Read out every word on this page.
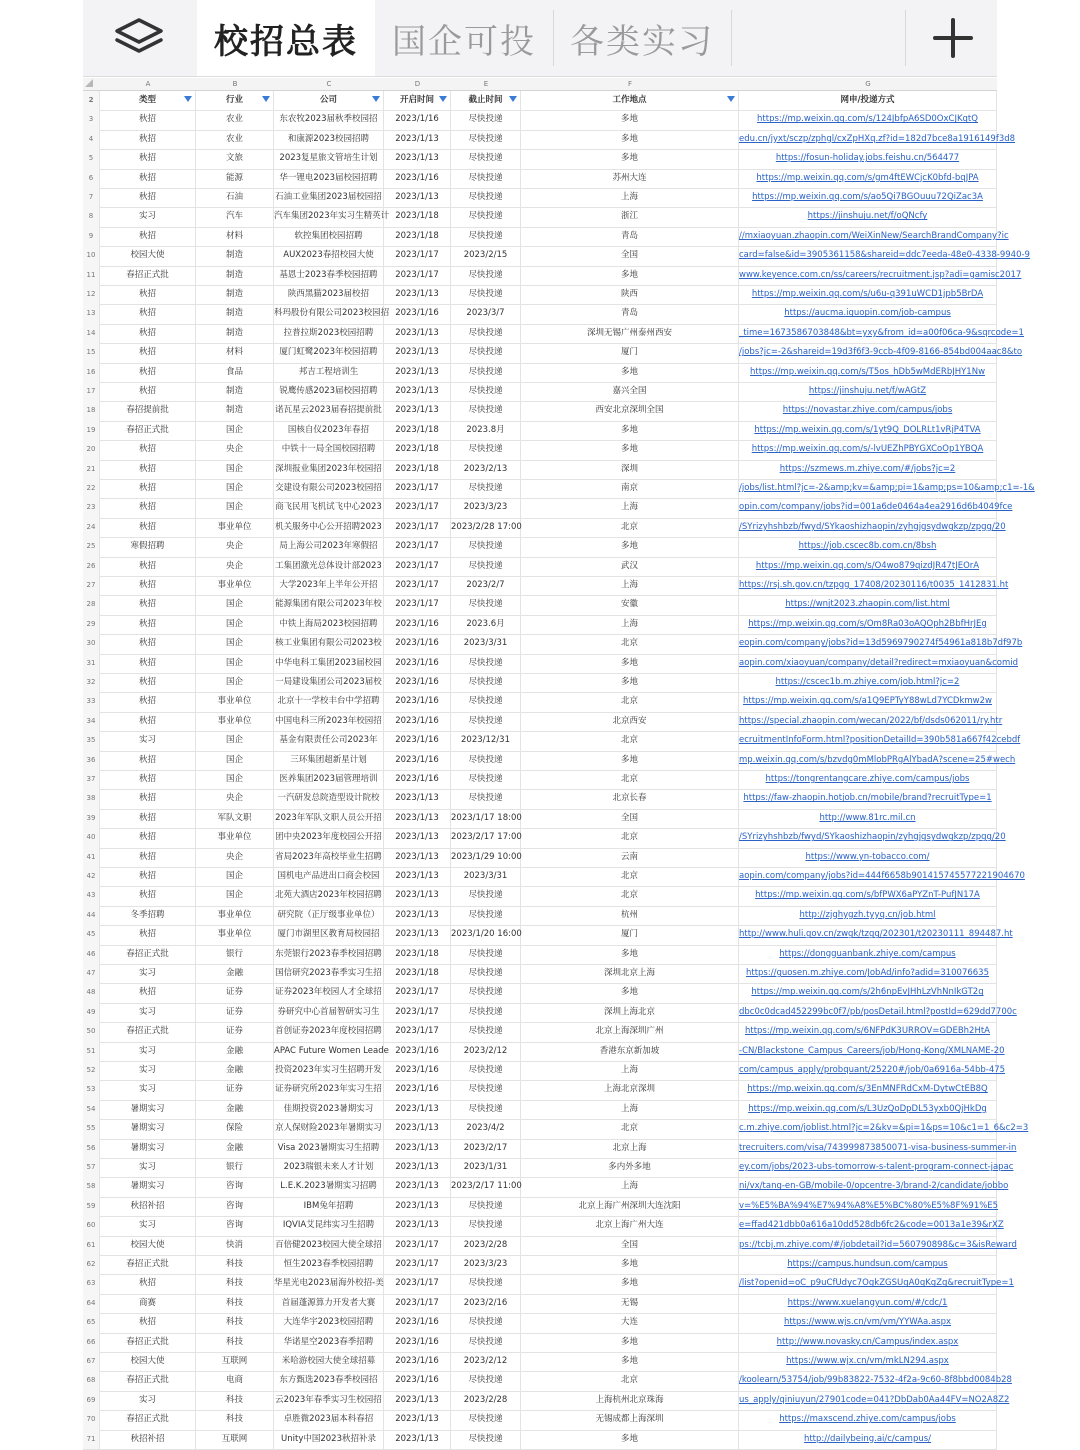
校招总表	国企可投	各类实习
A	B	C	D	E	F	G
2	类型	行业	公司	开启时间	截止时间	工作地点	网申/投递方式
3	秋招	农业	东农牧2023届秋季校园招	2023/1/16	尽快投递	多地	https://mp.weixin.qq.com/s/124JbfpA6SD0OxCJKqtQ
4	秋招	农业	和康源2023校园招聘	2023/1/13	尽快投递	多地	edu.cn/jyxt/sczp/zphgl/cxZpHXq.zf?id=182d7bce8a1916149f3d8
5	秋招	文旅	2023复星旅文管培生计划	2023/1/13	尽快投递	多地	https://fosun-holiday.jobs.feishu.cn/564477
6	秋招	能源	华一锂电2023届校园招聘	2023/1/16	尽快投递	苏州大连	https://mp.weixin.qq.com/s/gm4ftEWCjcK0bfd-bqJPA
7	秋招	石油	石油工业集团2023届校园招	2023/1/13	尽快投递	上海	https://mp.weixin.qq.com/s/ao5Qi7BGOuuu72QiZac3A
8	实习	汽车	汽车集团2023年实习生精英计 2023/1/18	尽快投递	浙江	https://jinshuju.net/f/oQNcfy
9	秋招	材料	软控集团校园招聘	2023/1/18	尽快投递	青岛	//mxiaoyuan.zhaopin.com/WeiXinNew/SearchBrandCompany?ic
10	校园大使	制造	AUX2023春招校园大使	2023/1/17	2023/2/15	全国	card=false&id=3905361158&shareid=ddc7eeda-48e0-4338-9940-9
11	春招正式批	制造	基恩士2023春季校园招聘	2023/1/17	尽快投递	多地	www.keyence.com.cn/ss/careers/recruitment.jsp?adi=gamisc2017
12	秋招	制造	陕西黑猫2023届校招	2023/1/13	尽快投递	陕西	https://mp.weixin.qq.com/s/u6u-q391uWCD1jpb5BrDA
13	秋招	制造	科玛股份有限公司2023校园招 2023/1/16	2023/3/7	青岛	https://aucma.iguopin.com/job-campus
14	秋招	制造	拉普拉斯2023校园招聘	2023/1/13	尽快投递	深圳无锡广州泰州西安	_time=1673586703848&bt=yxy&from_id=a00f06ca-9&sqrcode=1
15	秋招	材料	厦门虹鹭2023年校园招聘	2023/1/13	尽快投递	厦门	/jobs?jc=-2&shareid=19d3f6f3-9ccb-4f09-8166-854bd004aac8&to
16	秋招	食品	邦吉工程培训生	2023/1/13	尽快投递	多地	https://mp.weixin.qq.com/s/T5os_hDb5wMdERbJHY1Nw
17	秋招	制造	锐鹰传感2023届校园招聘	2023/1/13	尽快投递	嘉兴全国	https://jinshuju.net/f/wAGtZ
18	春招提前批	制造	诺瓦星云2023届春招提前批	2023/1/13	尽快投递	西安北京深圳全国	https://novastar.zhiye.com/campus/jobs
19	春招正式批	国企	国核自仪2023年春招	2023/1/18	2023.8月	多地	https://mp.weixin.qq.com/s/1yt9Q_DOLRLt1vRjP4TVA
20	秋招	央企	中铁十一局全国校园招聘	2023/1/18	尽快投递	多地	https://mp.weixin.qq.com/s/-lvUEZhPBYGXCoOp1YBQA
21	秋招	国企	深圳报业集团2023年校园招	2023/1/18	2023/2/13	深圳	https://szmews.m.zhiye.com/#/jobs?jc=2
22	秋招	国企	交建设有限公司2023校园招	2023/1/17	尽快投递	南京	/jobs/list.html?jc=-2&amp;kv=&amp;pi=1&amp;ps=10&amp;c1=-1&
23	秋招	国企	商飞民用飞机试飞中心2023	2023/1/17	2023/3/23	上海	opin.com/company/jobs?id=001a6de0464a4ea2916d6b4049fce
24	秋招	事业单位	机关服务中心公开招聘2023	2023/1/17	2023/2/28 17:00	北京	/SYrizyhshbzb/fwyd/SYkaoshizhaopin/zyhgjgsydwgkzp/zpgg/20
25	寒假招聘	央企	局上海公司2023年寒假招	2023/1/17	尽快投递	多地	https://job.cscec8b.com.cn/8bsh
26	秋招	央企	工集团激光总体设计部2023	2023/1/17	尽快投递	武汉	https://mp.weixin.qq.com/s/O4wo879qizdJR47tJEOrA
27	秋招	事业单位	大学2023年上半年公开招	2023/1/17	2023/2/7	上海	https://rsj.sh.gov.cn/tzpgg_17408/20230116/t0035_1412831.ht
28	秋招	国企	能源集团有限公司2023年校	2023/1/17	尽快投递	安徽	https://wnjt2023.zhaopin.com/list.html
29	秋招	国企	中铁上海局2023校园招聘	2023/1/16	2023.6月	上海	https://mp.weixin.qq.com/s/Om8Ra03oAQOph2BbfHrJEg
30	秋招	国企	核工业集团有限公司2023校	2023/1/16	2023/3/31	北京	eopin.com/company/jobs?id=13d5969790274f54961a818b7df97b
31	秋招	国企	中华电科工集团2023届校园	2023/1/16	尽快投递	多地	aopin.com/xiaoyuan/company/detail?redirect=mxiaoyuan&comid
32	秋招	国企	一局建设集团公司2023届校	2023/1/16	尽快投递	多地	https://cscec1b.m.zhiye.com/job.html?jc=2
33	秋招	事业单位	北京十一学校丰台中学招聘	2023/1/16	尽快投递	北京	https://mp.weixin.qq.com/s/a1Q9EPTyY88wLd7YCDkmw2w
34	秋招	事业单位	中国电科三所2023年校园招	2023/1/16	尽快投递	北京西安	https://special.zhaopin.com/wecan/2022/bf/dsds062011/ry.htr
35	实习	国企	基金有限责任公司2023年	2023/1/16	2023/12/31	北京	ecruitmentInfoForm.html?positionDetailId=390b581a667f42cebdf
36	秋招	国企	三环集团超新星计划	2023/1/16	尽快投递	多地	mp.weixin.qq.com/s/bzvdg0mMlobPRgAlYbadA?scene=25#wech
37	秋招	国企	医养集团2023届管理培训	2023/1/16	尽快投递	北京	https://tongrentangcare.zhiye.com/campus/jobs
38	秋招	央企	一汽研发总院造型设计院校	2023/1/13	尽快投递	北京长春	https://faw-zhaopin.hotjob.cn/mobile/brand?recruitType=1
39	秋招	军队文职	2023年军队文职人员公开招	2023/1/13	2023/1/17 18:00	全国	http://www.81rc.mil.cn
40	秋招	事业单位	团中央2023年度校园公开招	2023/1/13	2023/2/17 17:00	北京	/SYrizyhshbzb/fwyd/SYkaoshizhaopin/zyhgjgsydwgkzp/zpgg/20
41	秋招	央企	省局2023年高校毕业生招聘	2023/1/13	2023/1/29 10:00	云南	https://www.yn-tobacco.com/
42	秋招	国企	国机电产品进出口商会校园	2023/1/13	2023/3/31	北京	aopin.com/company/jobs?id=444f6658b901415745577221904670
43	秋招	国企	北苑大酒店2023年校园招聘	2023/1/13	尽快投递	北京	https://mp.weixin.qq.com/s/bfPWX6aPYZnT-PufJN17A
44	冬季招聘	事业单位	研究院（正厅级事业单位）	2023/1/13	尽快投递	杭州	http://zjghygzh.tyyq.cn/job.html
45	秋招	事业单位	厦门市湖里区教育局校园招	2023/1/13	2023/1/20 16:00	厦门	http://www.huli.gov.cn/zwgk/tzgg/202301/t20230111_894487.ht
46	春招正式批	银行	东莞银行2023春季校园招聘	2023/1/18	尽快投递	多地	https://dongguanbank.zhiye.com/campus
47	实习	金融	国信研究2023春季实习生招	2023/1/18	尽快投递	深圳北京上海	https://guosen.m.zhiye.com/JobAd/info?adid=310076635
48	秋招	证券	证券2023年校园人才全球招	2023/1/17	尽快投递	多地	https://mp.weixin.qq.com/s/2h6npEvJHhLzVhNnIkGT2g
49	实习	证券	券研究中心首届智研实习生	2023/1/17	尽快投递	深圳上海北京	dbc0c0dcad452299bc0f7/pb/posDetail.html?postId=629dd7700c
50	春招正式批	证券	首创证券2023年度校园招聘	2023/1/17	尽快投递	北京上海深圳广州	https://mp.weixin.qq.com/s/6NFPdK3URROV=GDEBh2HtA
51	实习	金融	APAC Future Women Leade 2023/1/16	2023/2/12	香港东京新加坡	-CN/Blackstone_Campus_Careers/job/Hong-Kong/XMLNAME-20
52	实习	金融	投资2023年实习生招聘开发	2023/1/16	尽快投递	上海	com/campus_apply/probquant/25220#/job/0a6916a-54bb-475
53	实习	证券	证券研究所2023年实习生招	2023/1/16	尽快投递	上海北京深圳	https://mp.weixin.qq.com/s/3EnMNFRdCxM-DytwCtEB8Q
54	暑期实习	金融	佳期投资2023暑期实习	2023/1/13	尽快投递	上海	https://mp.weixin.qq.com/s/L3UzQoDpDL53yxb0QjHkDg
55	暑期实习	保险	京人保财险2023年暑期实习	2023/1/13	2023/4/2	北京	c.m.zhiye.com/joblist.html?jc=2&kv=&pi=1&ps=10&c1=1_6&c2=3
56	暑期实习	金融	Visa 2023暑期实习生招聘	2023/1/13	2023/2/17	北京上海	trecruiters.com/visa/743999873850071-visa-business-summer-in
57	实习	银行	2023瑞银未来人才计划	2023/1/13	2023/1/31	多内外多地	ey.com/jobs/2023-ubs-tomorrow-s-talent-program-connect-japac
58	暑期实习	咨询	L.E.K.2023暑期实习招聘	2023/1/13	2023/2/17 11:00	上海	ni/vx/tang-en-GB/mobile-0/opcentre-3/brand-2/candidate/jobbo
59	秋招补招	咨询	IBM兔年招聘	2023/1/13	尽快投递	北京上海广州深圳大连沈阳	v=%E5%BA%94%E7%94%A8%E5%BC%80%E5%8F%91%E5
60	实习	咨询	IQVIA艾昆纬实习生招聘	2023/1/13	尽快投递	北京上海广州大连	e=ffad421dbb0a616a10dd528db6fc2&code=0013a1e39&rXZ
61	校园大使	快消	百倍健2023校园大使全球招	2023/1/17	2023/2/28	全国	ps://tcbj.m.zhiye.com/#/jobdetail?id=560790898&c=3&isReward
62	春招正式批	科技	恒生2023春季校园招聘	2023/1/17	2023/3/23	多地	https://campus.hundsun.com/campus
63	秋招	科技	华星光电2023届海外校招-美	2023/1/17	尽快投递	多地	/list?openid=oC_p9uCfUdyc7OgkZGSUgA0qKgZg&recruitType=1
64	商赛	科技	首届蓬源算力开发者大赛	2023/1/17	2023/2/16	无锡	https://www.xuelangyun.com/#/cdc/1
65	秋招	科技	大连华宇2023校园招聘	2023/1/16	尽快投递	大连	https://www.wjs.cn/vm/vm/YYWAa.aspx
66	春招正式批	科技	华诺星空2023春季招聘	2023/1/16	尽快投递	多地	http://www.novasky.cn/Campus/index.aspx
67	校园大使	互联网	米哈游校园大使全球招募	2023/1/16	2023/2/12	多地	https://www.wjx.cn/vm/mkLN294.aspx
68	春招正式批	电商	东方甄选2023春季校园招	2023/1/16	尽快投递	北京	/koolearn/53754/job/99b83822-7532-4f2a-9c60-8f8bbd0084b28
69	实习	科技	云2023年春季实习生校园招	2023/1/13	2023/2/28	上海杭州北京珠海	us_apply/qiniuyun/27901code=041?DbDab0Aa44FV=NO2A8Z2
70	春招正式批	科技	卓胜微2023届本科春招	2023/1/13	尽快投递	无锡成都上海深圳	https://maxscend.zhiye.com/campus/jobs
71	秋招补招	互联网	Unity中国2023秋招补录	2023/1/13	尽快投递	多地	http://dailybeing.ai/c/campus/
